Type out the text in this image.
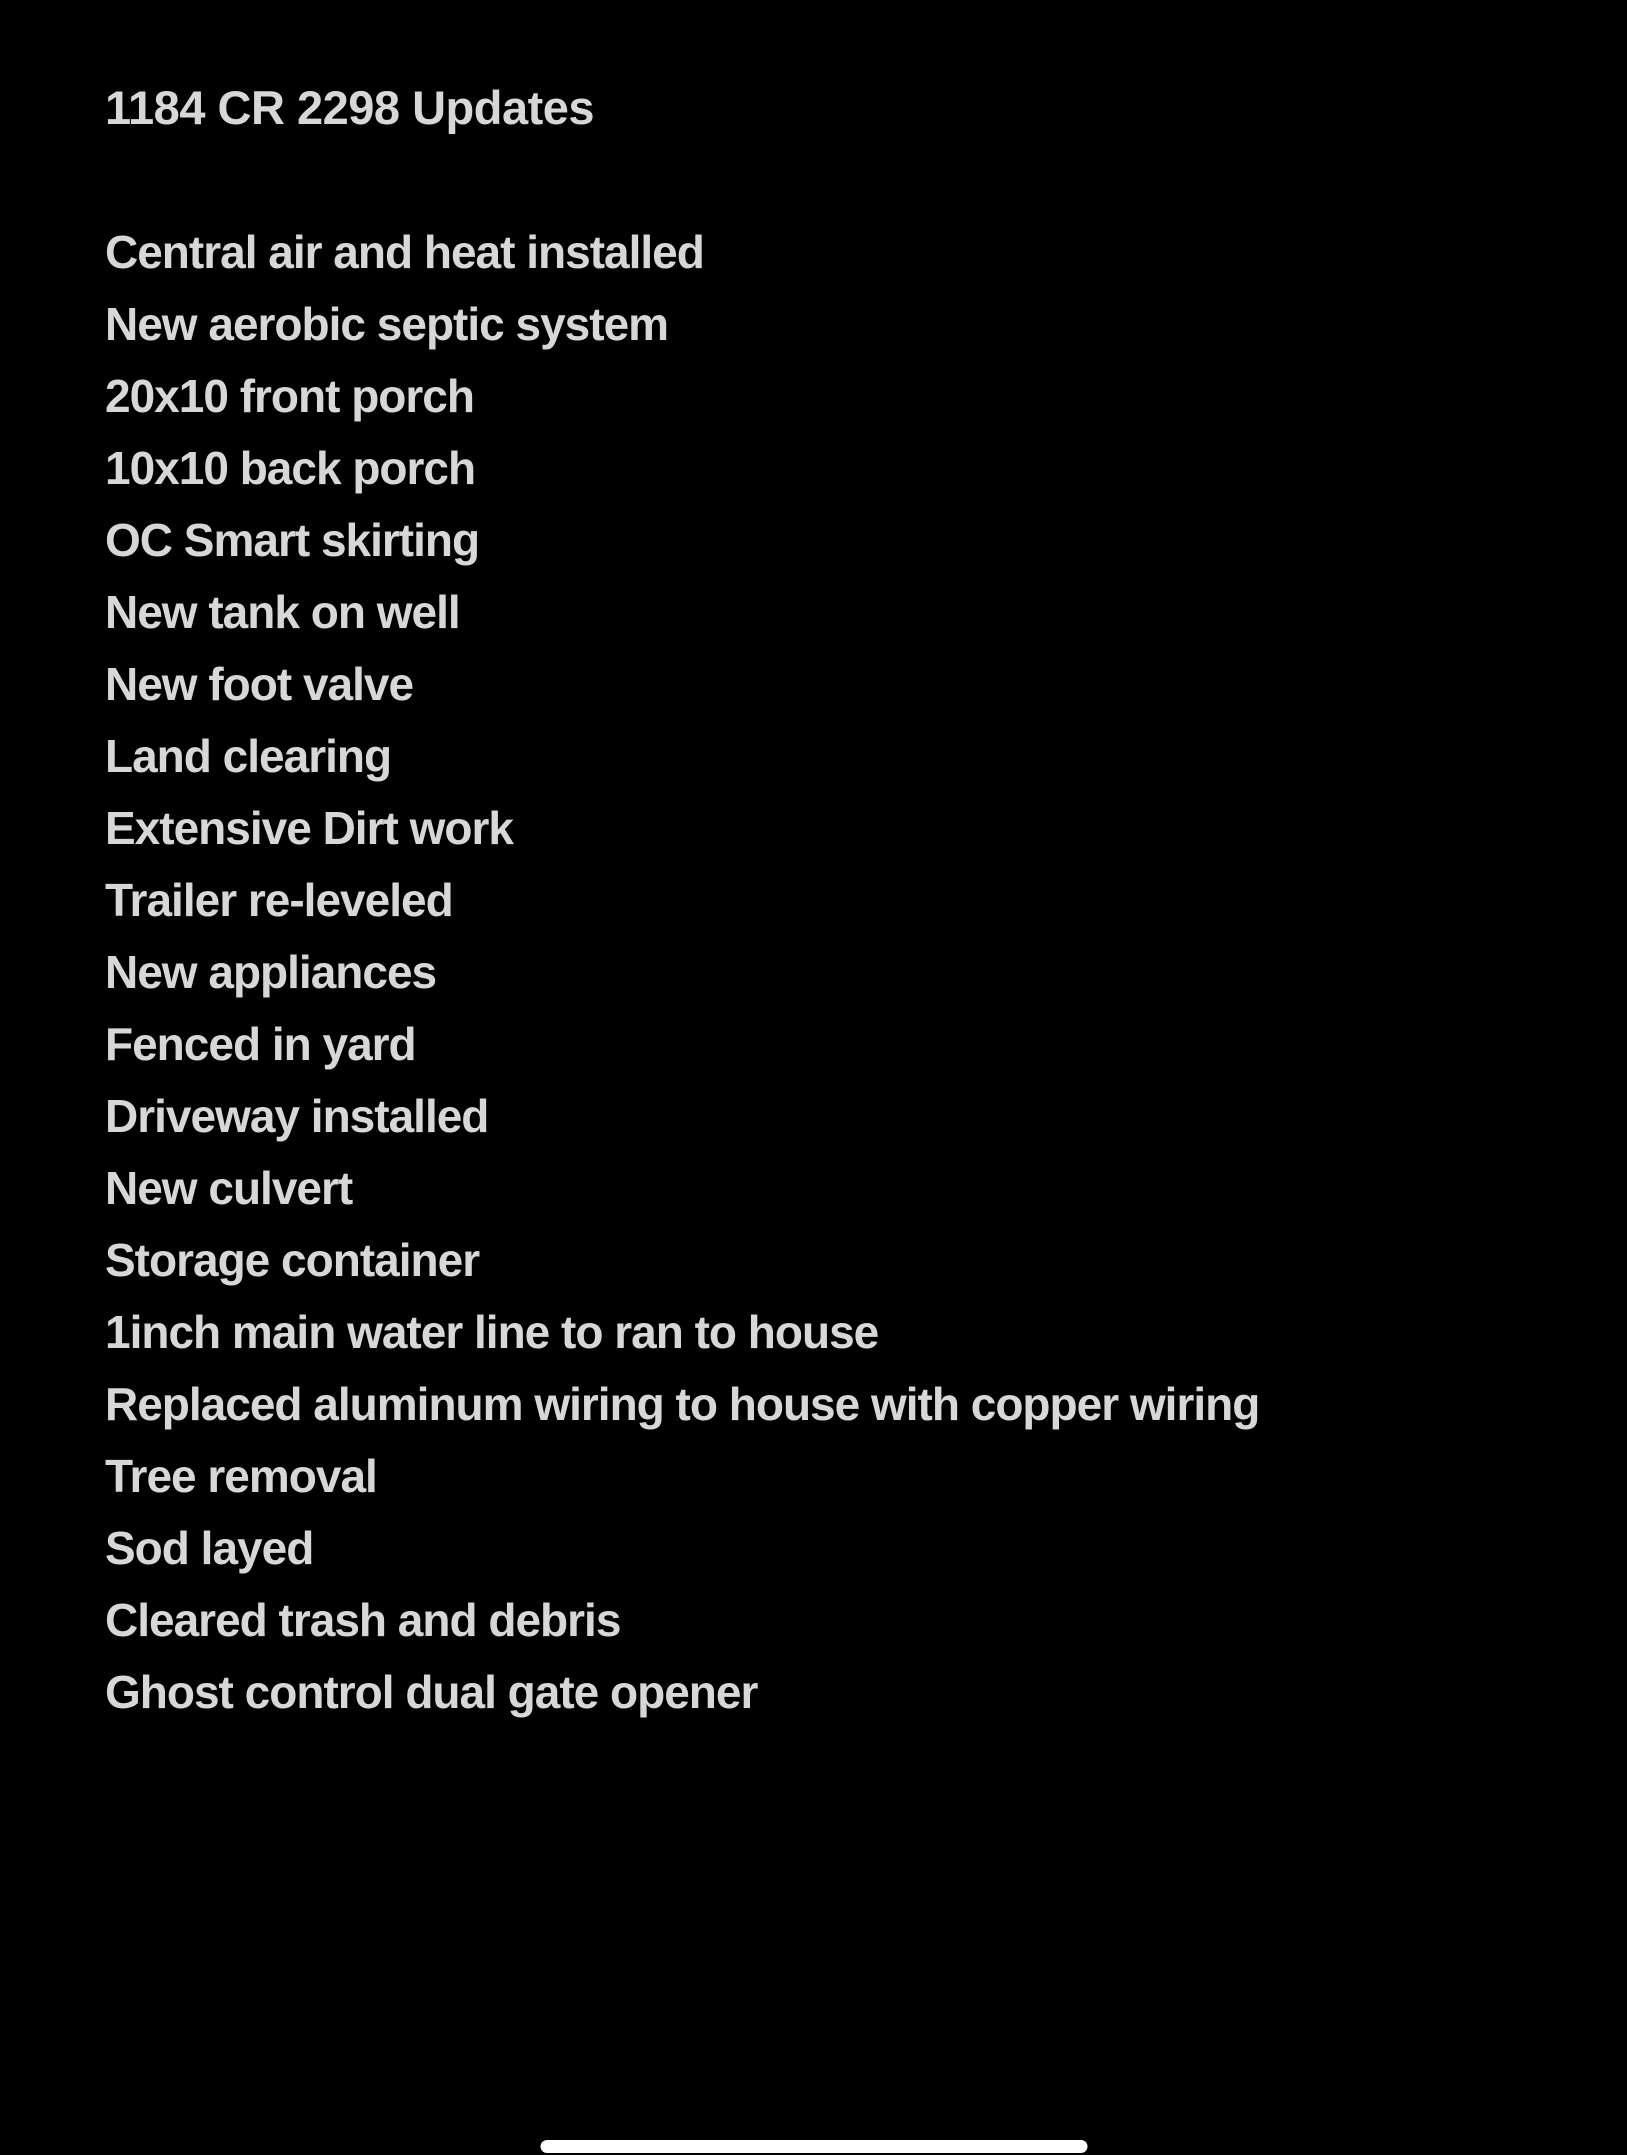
1184 CR 2298 Updates
Central air and heat installed
New aerobic septic system
20x10 front porch
10x10 back porch
OC Smart skirting
New tank on well
New foot valve
Land clearing
Extensive Dirt work
Trailer re-leveled
New appliances
Fenced in yard
Driveway installed
New culvert
Storage container
1inch main water line to ran to house
Replaced aluminum wiring to house with copper wiring
Tree removal
Sod layed
Cleared trash and debris
Ghost control dual gate opener
